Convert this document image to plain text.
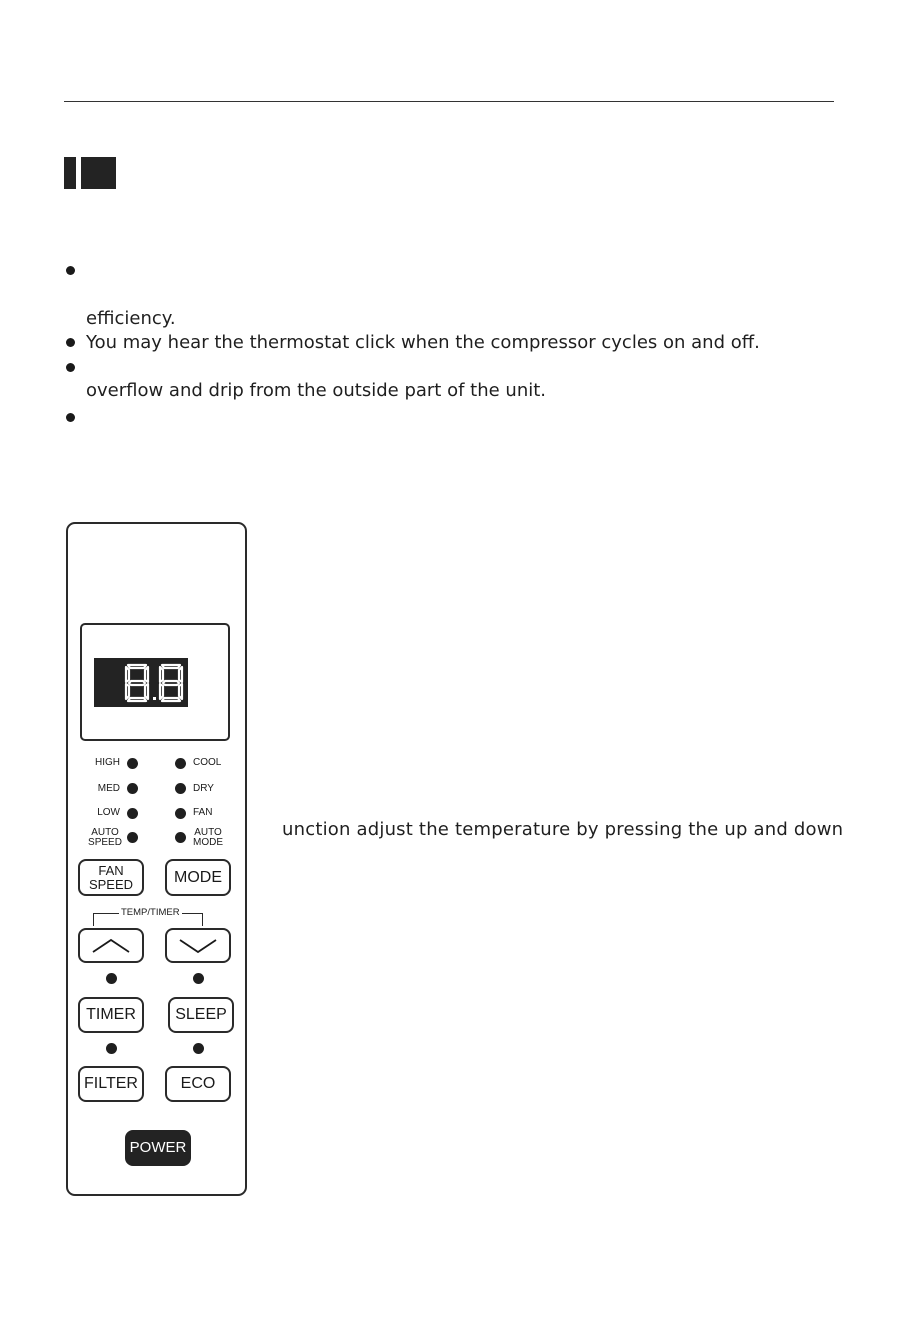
efficiency.
You may hear the thermostat click when the compressor cycles on and off.
overflow and drip from the outside part of the unit.
HIGH
MED
LOW
AUTO
SPEED
COOL
DRY
FAN
AUTO
MODE
FAN
SPEED	MODE
TEMP/TIMER
TIMER	SLEEP
FILTER	ECO
POWER
unction adjust the temperature by pressing the up and down
